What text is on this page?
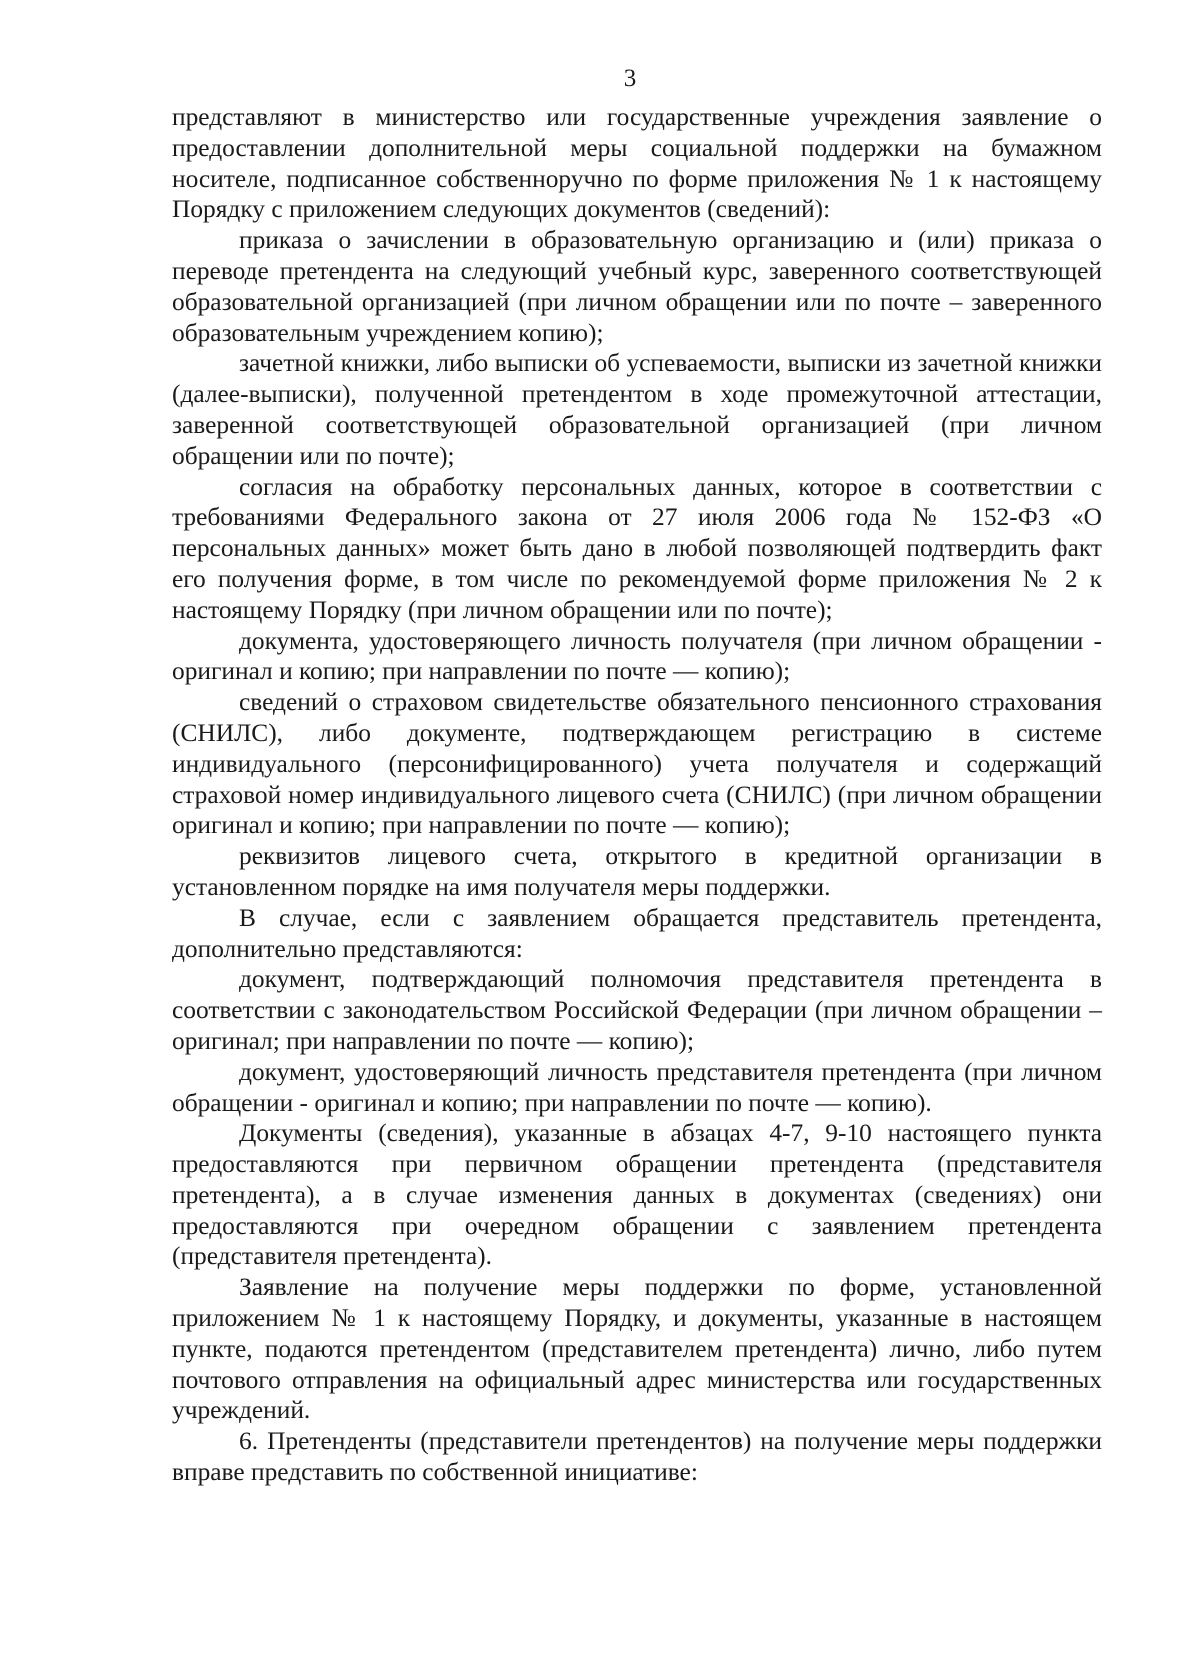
3

представляют в министерство или государственные учреждения заявление о предоставлении дополнительной меры социальной поддержки на бумажном носителе, подписанное собственноручно по форме приложения № 1 к настоящему Порядку с приложением следующих документов (сведений):

приказа о зачислении в образовательную организацию и (или) приказа о переводе претендента на следующий учебный курс, заверенного соответствующей образовательной организацией (при личном обращении или по почте – заверенного образовательным учреждением копию);

зачетной книжки, либо выписки об успеваемости, выписки из зачетной книжки (далее-выписки), полученной претендентом в ходе промежуточной аттестации, заверенной соответствующей образовательной организацией (при личном обращении или по почте);

согласия на обработку персональных данных, которое в соответствии с требованиями Федерального закона от 27 июля 2006 года № 152-ФЗ «О персональных данных» может быть дано в любой позволяющей подтвердить факт его получения форме, в том числе по рекомендуемой форме приложения № 2 к настоящему Порядку (при личном обращении или по почте);

документа, удостоверяющего личность получателя (при личном обращении - оригинал и копию; при направлении по почте — копию);

сведений о страховом свидетельстве обязательного пенсионного страхования (СНИЛС), либо документе, подтверждающем регистрацию в системе индивидуального (персонифицированного) учета получателя и содержащий страховой номер индивидуального лицевого счета (СНИЛС) (при личном обращении оригинал и копию; при направлении по почте — копию);

реквизитов лицевого счета, открытого в кредитной организации в установленном порядке на имя получателя меры поддержки.

В случае, если с заявлением обращается представитель претендента, дополнительно представляются:

документ, подтверждающий полномочия представителя претендента в соответствии с законодательством Российской Федерации (при личном обращении – оригинал; при направлении по почте — копию);

документ, удостоверяющий личность представителя претендента (при личном обращении - оригинал и копию; при направлении по почте — копию).

Документы (сведения), указанные в абзацах 4-7, 9-10 настоящего пункта предоставляются при первичном обращении претендента (представителя претендента), а в случае изменения данных в документах (сведениях) они предоставляются при очередном обращении с заявлением претендента (представителя претендента).

Заявление на получение меры поддержки по форме, установленной приложением № 1 к настоящему Порядку, и документы, указанные в настоящем пункте, подаются претендентом (представителем претендента) лично, либо путем почтового отправления на официальный адрес министерства или государственных учреждений.

6. Претенденты (представители претендентов) на получение меры поддержки вправе представить по собственной инициативе:
